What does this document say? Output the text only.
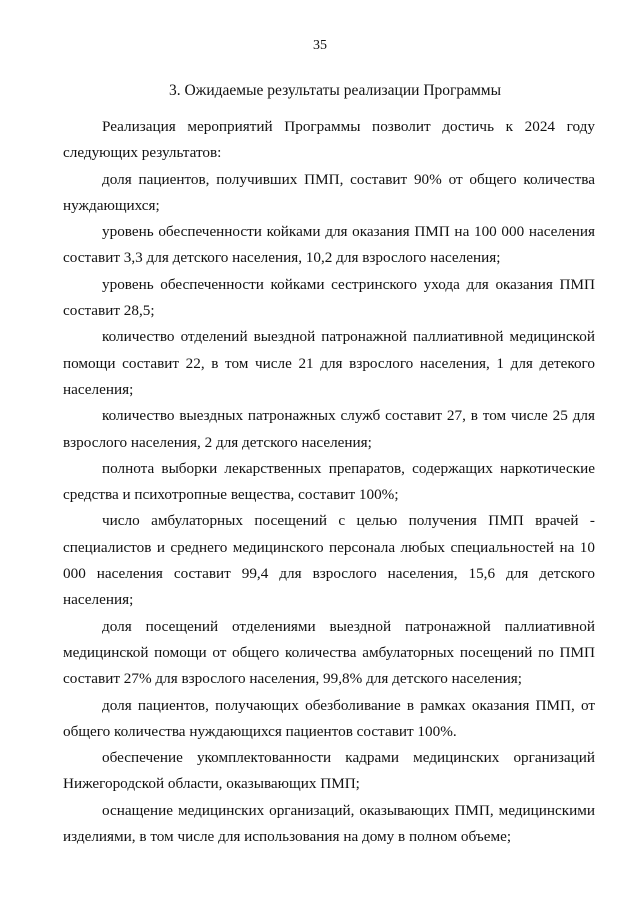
35
3. Ожидаемые результаты реализации Программы

Реализация мероприятий Программы позволит достичь к 2024 году следующих результатов:

доля пациентов, получивших ПМП, составит 90% от общего количества нуждающихся;

уровень обеспеченности койками для оказания ПМП на 100 000 населения составит 3,3 для детского населения, 10,2 для взрослого населения;

уровень обеспеченности койками сестринского ухода для оказания ПМП составит 28,5;

количество отделений выездной патронажной паллиативной медицинской помощи составит 22, в том числе 21 для взрослого населения, 1 для детекого населения;

количество выездных патронажных служб составит 27, в том числе 25 для взрослого населения, 2 для детского населения;

полнота выборки лекарственных препаратов, содержащих наркотические средства и психотропные вещества, составит 100%;

число амбулаторных посещений с целью получения ПМП врачей - специалистов и среднего медицинского персонала любых специальностей на 10 000 населения составит 99,4 для взрослого населения, 15,6 для детского населения;

доля посещений отделениями выездной патронажной паллиативной медицинской помощи от общего количества амбулаторных посещений по ПМП составит 27% для взрослого населения, 99,8% для детского населения;

доля пациентов, получающих обезболивание в рамках оказания ПМП, от общего количества нуждающихся пациентов составит 100%.

обеспечение укомплектованности кадрами медицинских организаций Нижегородской области, оказывающих ПМП;

оснащение медицинских организаций, оказывающих ПМП, медицинскими изделиями, в том числе для использования на дому в полном объеме;
